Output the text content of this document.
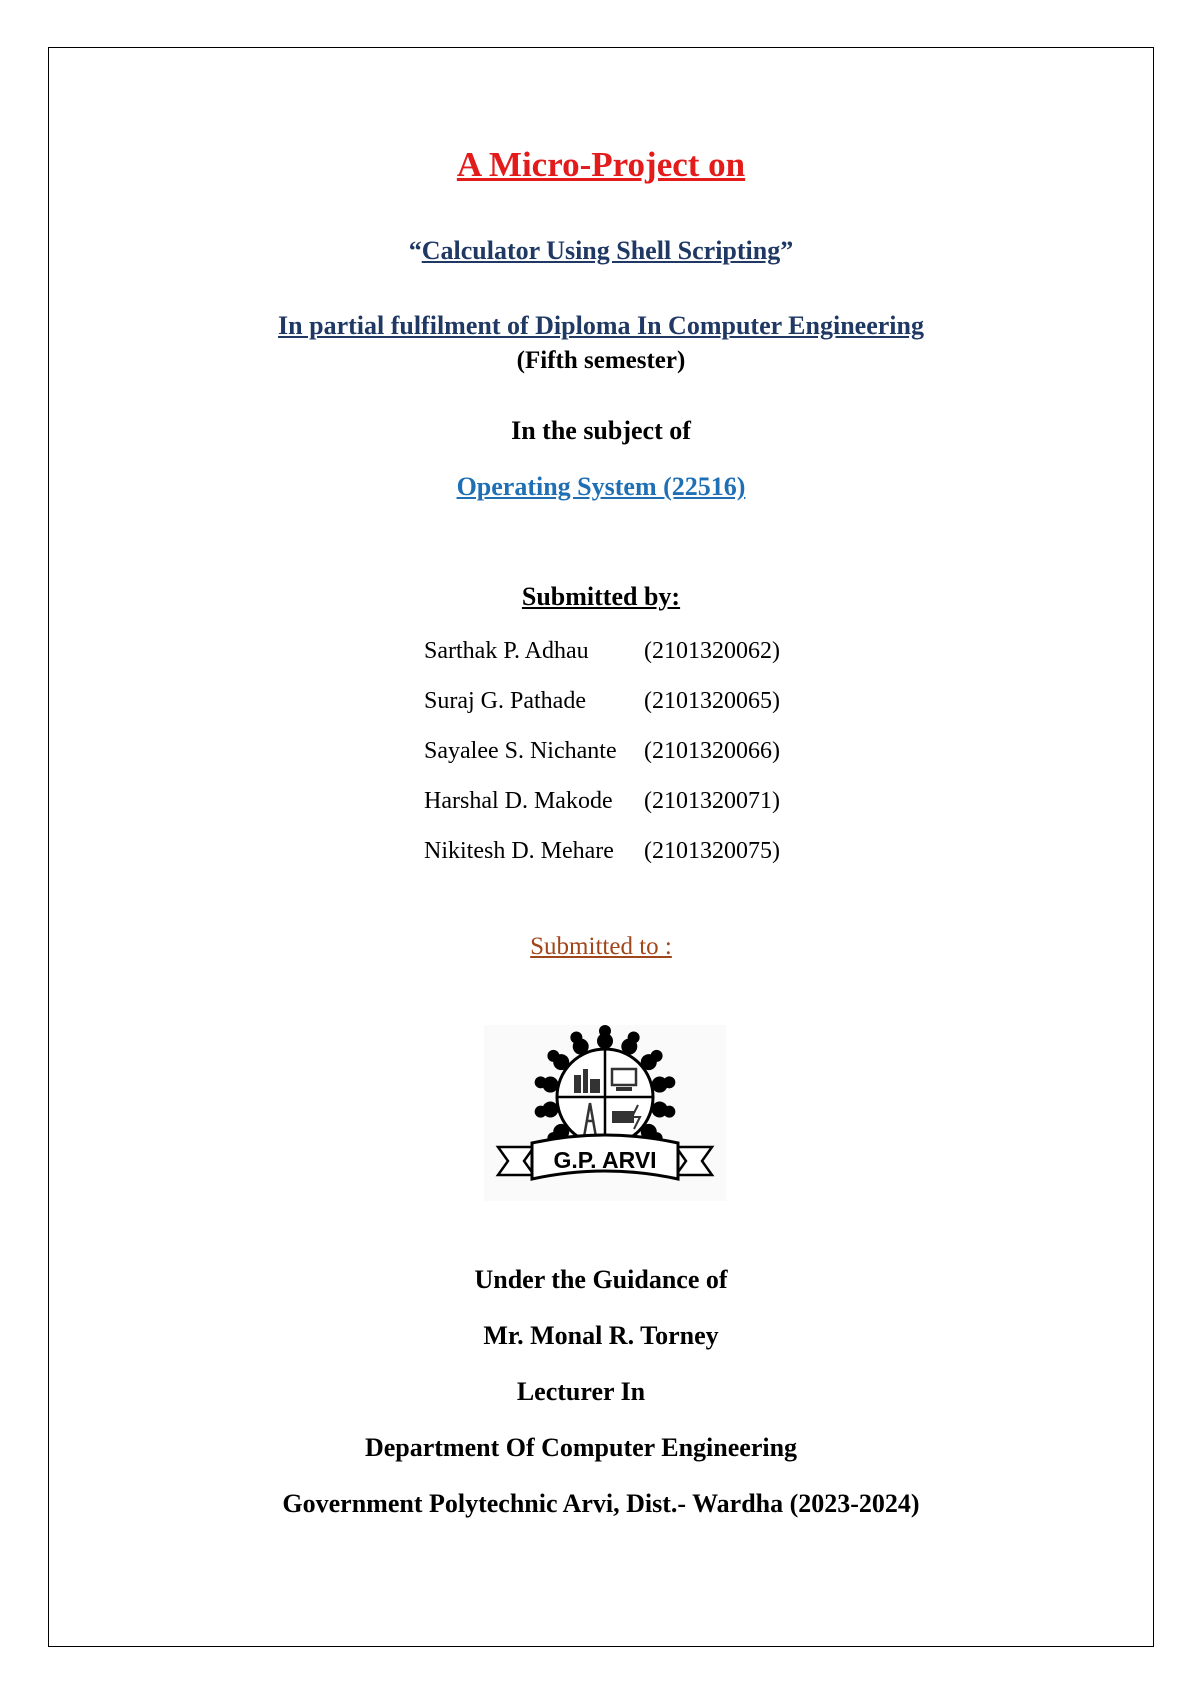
A Micro-Project on
“Calculator Using Shell Scripting”
In partial fulfilment of Diploma In Computer Engineering
(Fifth semester)
In the subject of
Operating System (22516)
Submitted by:
Sarthak P. Adhau (2101320062)
Suraj G. Pathade (2101320065)
Sayalee S. Nichante (2101320066)
Harshal D. Makode (2101320071)
Nikitesh D. Mehare (2101320075)
Submitted to :
G.P. ARVI
Under the Guidance of
Mr. Monal R. Torney
Lecturer In
Department Of Computer Engineering
Government Polytechnic Arvi, Dist.- Wardha (2023-2024)
